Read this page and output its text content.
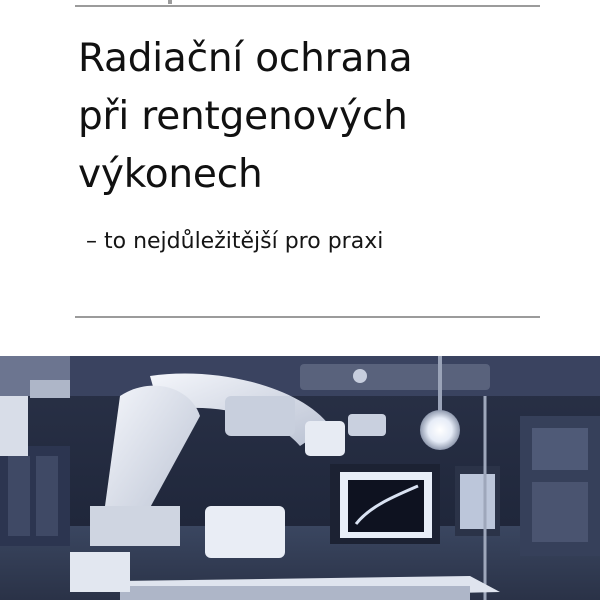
Radiační ochrana
při rentgenových
výkonech
– to nejdůležitější pro praxi
